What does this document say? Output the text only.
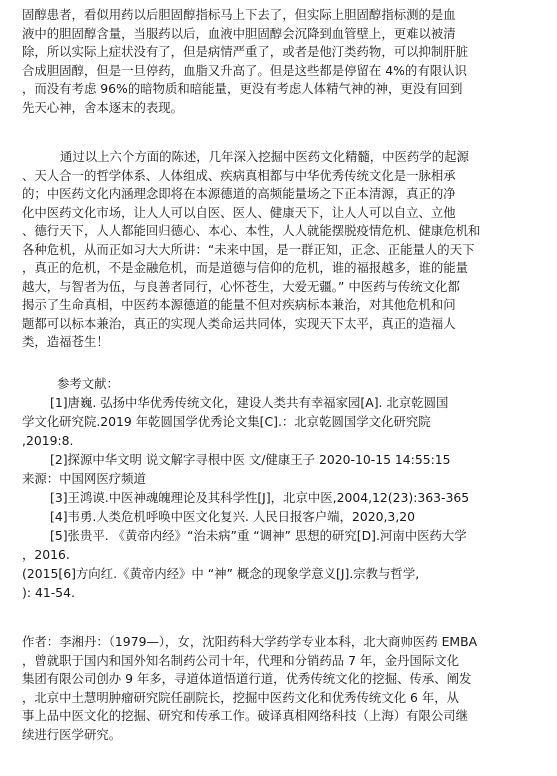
固醇患者，看似用药以后胆固醇指标马上下去了，但实际上胆固醇指标测的是血
液中的胆固醇含量，当服药以后，血液中胆固醇会沉降到血管壁上，更难以被清
除，所以实际上症状没有了，但是病情严重了，或者是他汀类药物，可以抑制肝脏
合成胆固醇，但是一旦停药，血脂又升高了。但是这些都是停留在 4%的有限认识
，而没有考虑 96%的暗物质和暗能量，更没有考虑人体精气神的神，更没有回到
先天心神，舍本逐末的表现。
通过以上六个方面的陈述，几年深入挖掘中医药文化精髓，中医药学的起源
、天人合一的哲学体系、人体组成、疾病真相都与中华优秀传统文化是一脉相承
的；中医药文化内涵理念即将在本源德道的高频能量场之下正本清源，真正的净
化中医药文化市场，让人人可以自医、医人、健康天下，让人人可以自立、立他
、德行天下，人人都能回归德心、本心、本性，人人就能摆脱疫情危机、健康危机和
各种危机，从而正如习大大所讲：“未来中国，是一群正知，正念、正能量人的天下
，真正的危机，不是金融危机，而是道德与信仰的危机，谁的福报越多，谁的能量
越大，与智者为伍，与良善者同行，心怀苍生，大爱无疆。” 中医药与传统文化都
揭示了生命真相，中医药本源德道的能量不但对疾病标本兼治，对其他危机和问
题都可以标本兼治，真正的实现人类命运共同体，实现天下太平，真正的造福人
类，造福苍生！
参考文献：
[1]唐巍. 弘扬中华优秀传统文化，建设人类共有幸福家园[A]. 北京乾圆国
学文化研究院.2019 年乾圆国学优秀论文集[C].：北京乾圆国学文化研究院
,2019:8.
[2]探源中华文明 说文解字寻根中医 文/健康王子 2020-10-15 14:55:15
来源：中国网医疗频道
[3]王鸿谟.中医神魂魄理论及其科学性[J]，北京中医,2004,12(23):363-365
[4]韦勇.人类危机呼唤中医文化复兴. 人民日报客户端，2020,3,20
[5]张贵平. 《黄帝内经》“治未病”重 “调神” 思想的研究[D].河南中医药大学
，2016.
(2015[6]方向红.《黄帝内经》中 “神” 概念的现象学意义[J].宗教与哲学,
): 41-54.
作者：李湘丹：（1979—），女，沈阳药科大学药学专业本科，北大商帅医药 EMBA
，曾就职于国内和国外知名制药公司十年，代理和分销药品 7 年，金丹国际文化
集团有限公司创办 9 年多，寻道体道悟道行道，优秀传统文化的挖掘、传承、阐发
，北京中土慧明肿瘤研究院任副院长，挖掘中医药文化和优秀传统文化 6 年，从
事上品中医文化的挖掘、研究和传承工作。破译真相网络科技（上海）有限公司继
续进行医学研究。
